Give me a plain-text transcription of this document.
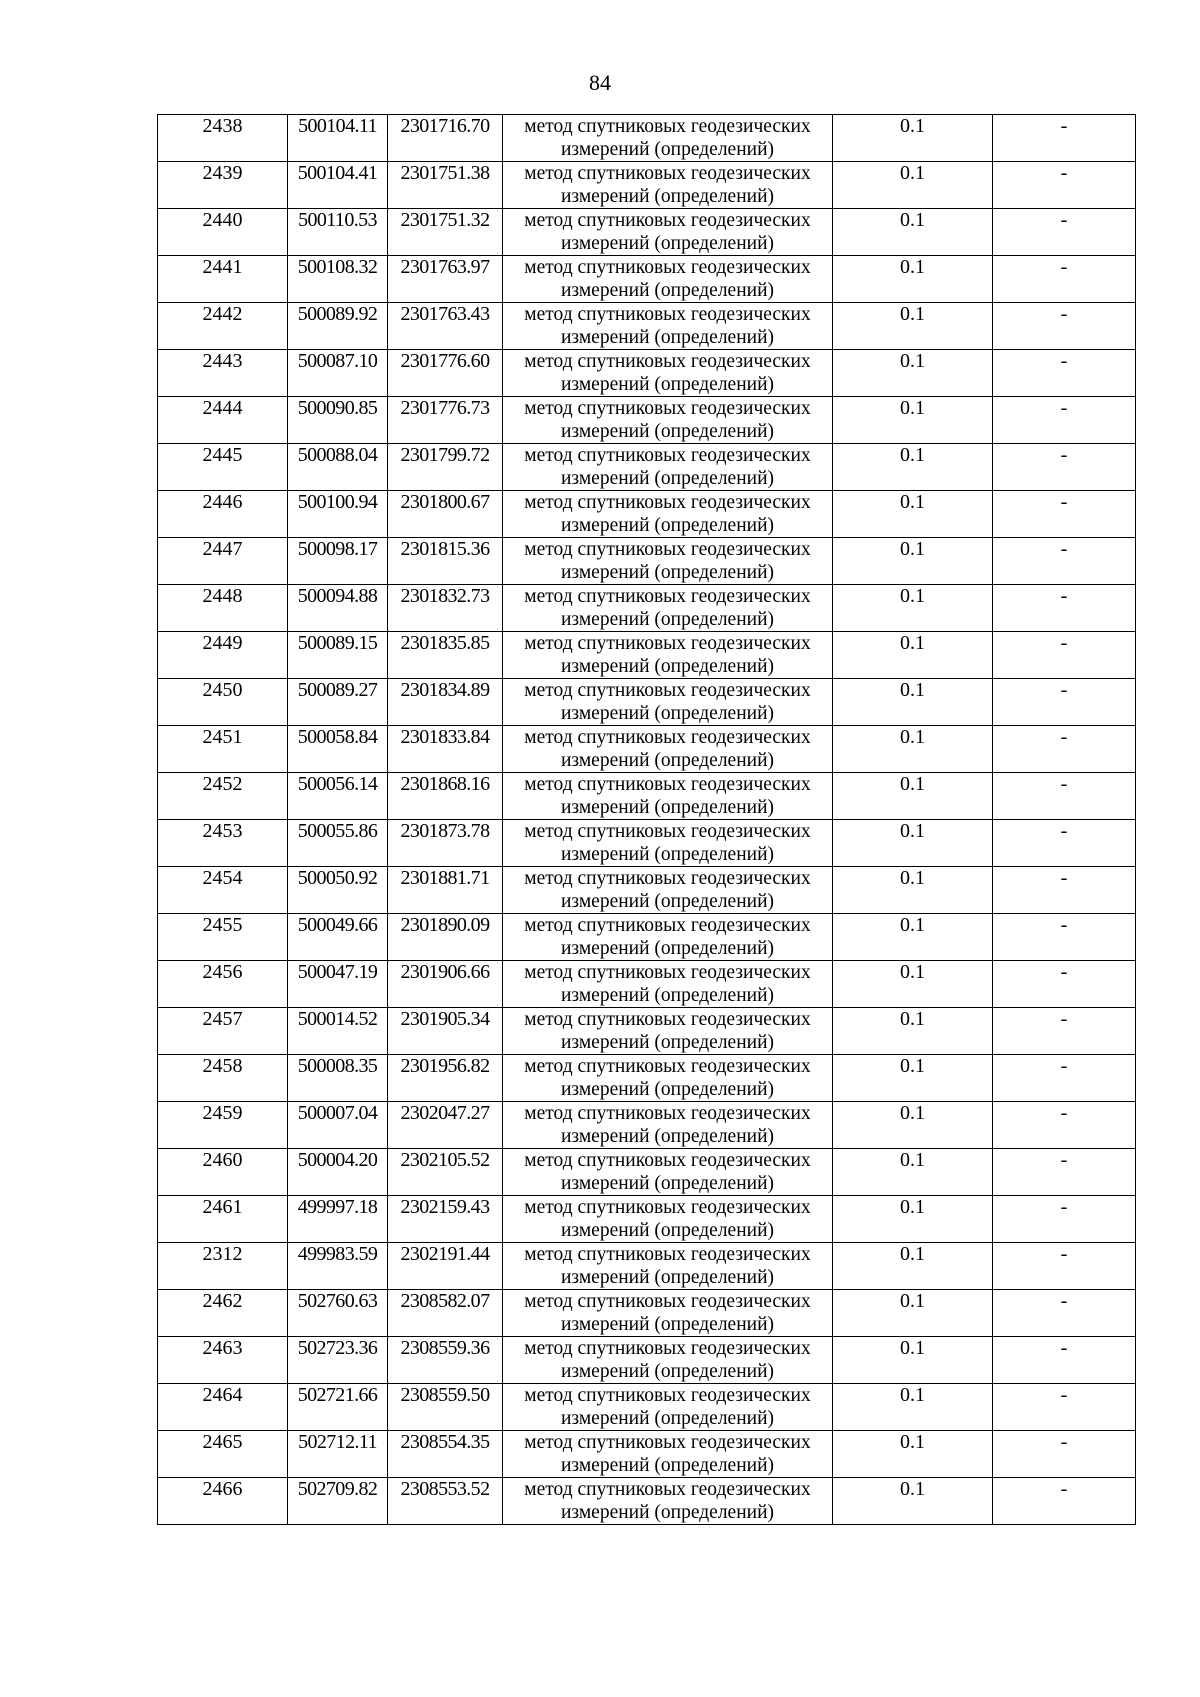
84
2438	500104.11	2301716.70	метод спутниковых геодезических
измерений (определений)	0.1	-
2439	500104.41	2301751.38	метод спутниковых геодезических
измерений (определений)	0.1	-
2440	500110.53	2301751.32	метод спутниковых геодезических
измерений (определений)	0.1	-
2441	500108.32	2301763.97	метод спутниковых геодезических
измерений (определений)	0.1	-
2442	500089.92	2301763.43	метод спутниковых геодезических
измерений (определений)	0.1	-
2443	500087.10	2301776.60	метод спутниковых геодезических
измерений (определений)	0.1	-
2444	500090.85	2301776.73	метод спутниковых геодезических
измерений (определений)	0.1	-
2445	500088.04	2301799.72	метод спутниковых геодезических
измерений (определений)	0.1	-
2446	500100.94	2301800.67	метод спутниковых геодезических
измерений (определений)	0.1	-
2447	500098.17	2301815.36	метод спутниковых геодезических
измерений (определений)	0.1	-
2448	500094.88	2301832.73	метод спутниковых геодезических
измерений (определений)	0.1	-
2449	500089.15	2301835.85	метод спутниковых геодезических
измерений (определений)	0.1	-
2450	500089.27	2301834.89	метод спутниковых геодезических
измерений (определений)	0.1	-
2451	500058.84	2301833.84	метод спутниковых геодезических
измерений (определений)	0.1	-
2452	500056.14	2301868.16	метод спутниковых геодезических
измерений (определений)	0.1	-
2453	500055.86	2301873.78	метод спутниковых геодезических
измерений (определений)	0.1	-
2454	500050.92	2301881.71	метод спутниковых геодезических
измерений (определений)	0.1	-
2455	500049.66	2301890.09	метод спутниковых геодезических
измерений (определений)	0.1	-
2456	500047.19	2301906.66	метод спутниковых геодезических
измерений (определений)	0.1	-
2457	500014.52	2301905.34	метод спутниковых геодезических
измерений (определений)	0.1	-
2458	500008.35	2301956.82	метод спутниковых геодезических
измерений (определений)	0.1	-
2459	500007.04	2302047.27	метод спутниковых геодезических
измерений (определений)	0.1	-
2460	500004.20	2302105.52	метод спутниковых геодезических
измерений (определений)	0.1	-
2461	499997.18	2302159.43	метод спутниковых геодезических
измерений (определений)	0.1	-
2312	499983.59	2302191.44	метод спутниковых геодезических
измерений (определений)	0.1	-
2462	502760.63	2308582.07	метод спутниковых геодезических
измерений (определений)	0.1	-
2463	502723.36	2308559.36	метод спутниковых геодезических
измерений (определений)	0.1	-
2464	502721.66	2308559.50	метод спутниковых геодезических
измерений (определений)	0.1	-
2465	502712.11	2308554.35	метод спутниковых геодезических
измерений (определений)	0.1	-
2466	502709.82	2308553.52	метод спутниковых геодезических
измерений (определений)	0.1	-
